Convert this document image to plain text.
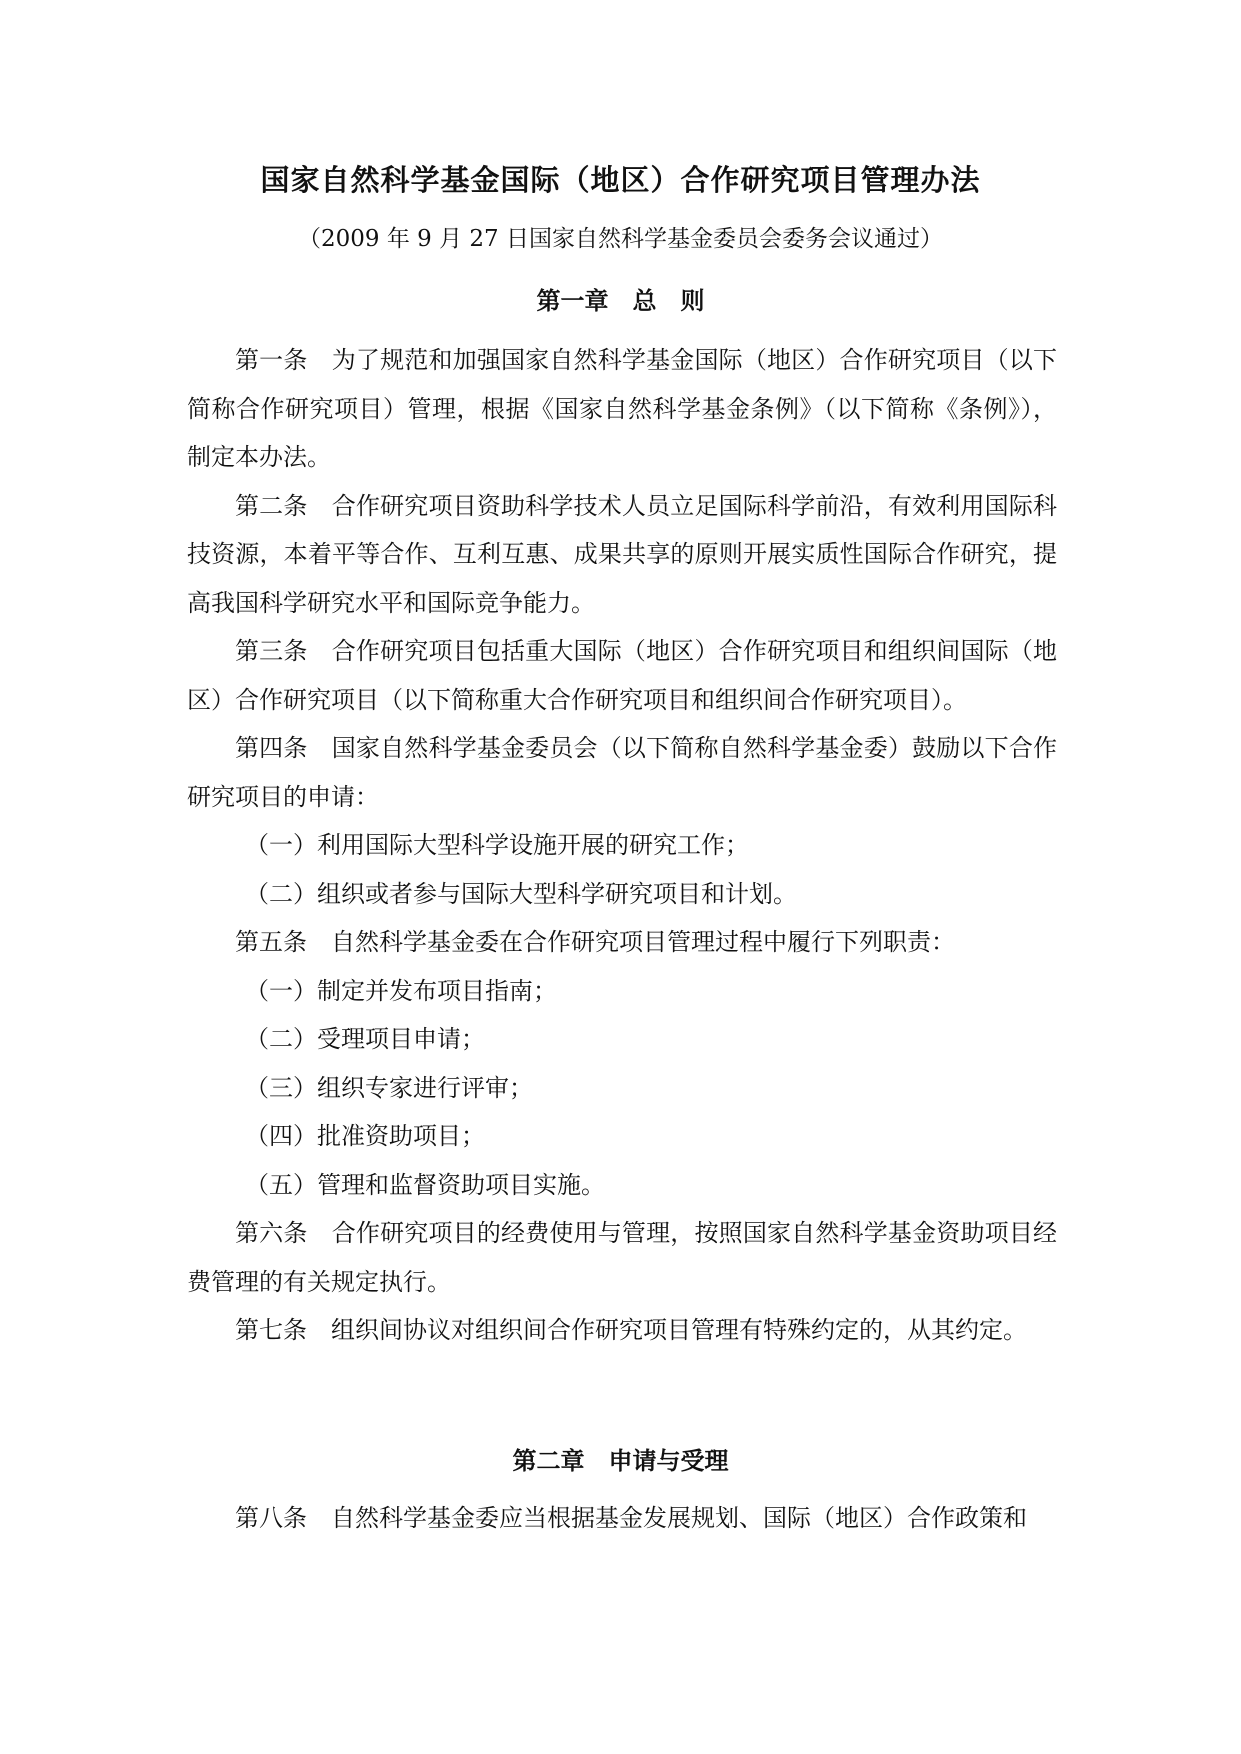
国家自然科学基金国际（地区）合作研究项目管理办法
（2009 年 9 月 27 日国家自然科学基金委员会委务会议通过）
第一章　总　则

第一条　为了规范和加强国家自然科学基金国际（地区）合作研究项目（以下简称合作研究项目）管理，根据《国家自然科学基金条例》（以下简称《条例》），制定本办法。

第二条　合作研究项目资助科学技术人员立足国际科学前沿，有效利用国际科技资源，本着平等合作、互利互惠、成果共享的原则开展实质性国际合作研究，提高我国科学研究水平和国际竞争能力。

第三条　合作研究项目包括重大国际（地区）合作研究项目和组织间国际（地区）合作研究项目（以下简称重大合作研究项目和组织间合作研究项目）。

第四条　国家自然科学基金委员会（以下简称自然科学基金委）鼓励以下合作研究项目的申请：

（一）利用国际大型科学设施开展的研究工作；

（二）组织或者参与国际大型科学研究项目和计划。

第五条　自然科学基金委在合作研究项目管理过程中履行下列职责：

（一）制定并发布项目指南；

（二）受理项目申请；

（三）组织专家进行评审；

（四）批准资助项目；

（五）管理和监督资助项目实施。

第六条　合作研究项目的经费使用与管理，按照国家自然科学基金资助项目经费管理的有关规定执行。

第七条　组织间协议对组织间合作研究项目管理有特殊约定的，从其约定。

第二章　申请与受理

第八条　自然科学基金委应当根据基金发展规划、国际（地区）合作政策和
